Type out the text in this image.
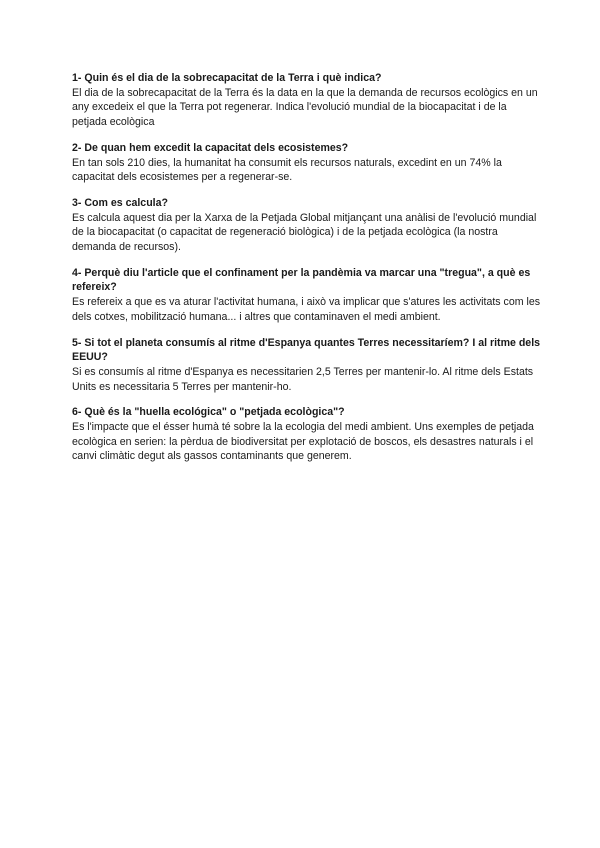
1- Quin és el dia de la sobrecapacitat de la Terra i què indica?

El dia de la sobrecapacitat de la Terra és la data en la que la demanda de recursos ecològics en un any excedeix el que la Terra pot regenerar. Indica l'evolució mundial de la biocapacitat i de la petjada ecològica

2- De quan hem excedit la capacitat dels ecosistemes?

En tan sols 210 dies, la humanitat ha consumit els recursos naturals, excedint en un 74% la capacitat dels ecosistemes per a regenerar-se.

3- Com es calcula?

Es calcula aquest dia per la Xarxa de la Petjada Global mitjançant una anàlisi de l'evolució mundial de la biocapacitat (o capacitat de regeneració biològica) i de la petjada ecològica (la nostra demanda de recursos).

4- Perquè diu l'article que el confinament per la pandèmia va marcar una "tregua", a què es refereix?

Es refereix a que es va aturar l'activitat humana, i això va implicar que s'atures les activitats com les dels cotxes, mobilització humana... i altres que contaminaven el medi ambient.

5- Si tot el planeta consumís al ritme d'Espanya quantes Terres necessitaríem? I al ritme dels EEUU?

Si es consumís al ritme d'Espanya es necessitarien 2,5 Terres per mantenir-lo. Al ritme dels Estats Units es necessitaria 5 Terres per mantenir-ho.

6- Què és la "huella ecológica" o "petjada ecològica"?

Es l'impacte que el ésser humà té sobre la la ecologia del medi ambient. Uns exemples de petjada ecològica en serien: la pèrdua de biodiversitat per explotació de boscos, els desastres naturals i el canvi climàtic degut als gassos contaminants que generem.
